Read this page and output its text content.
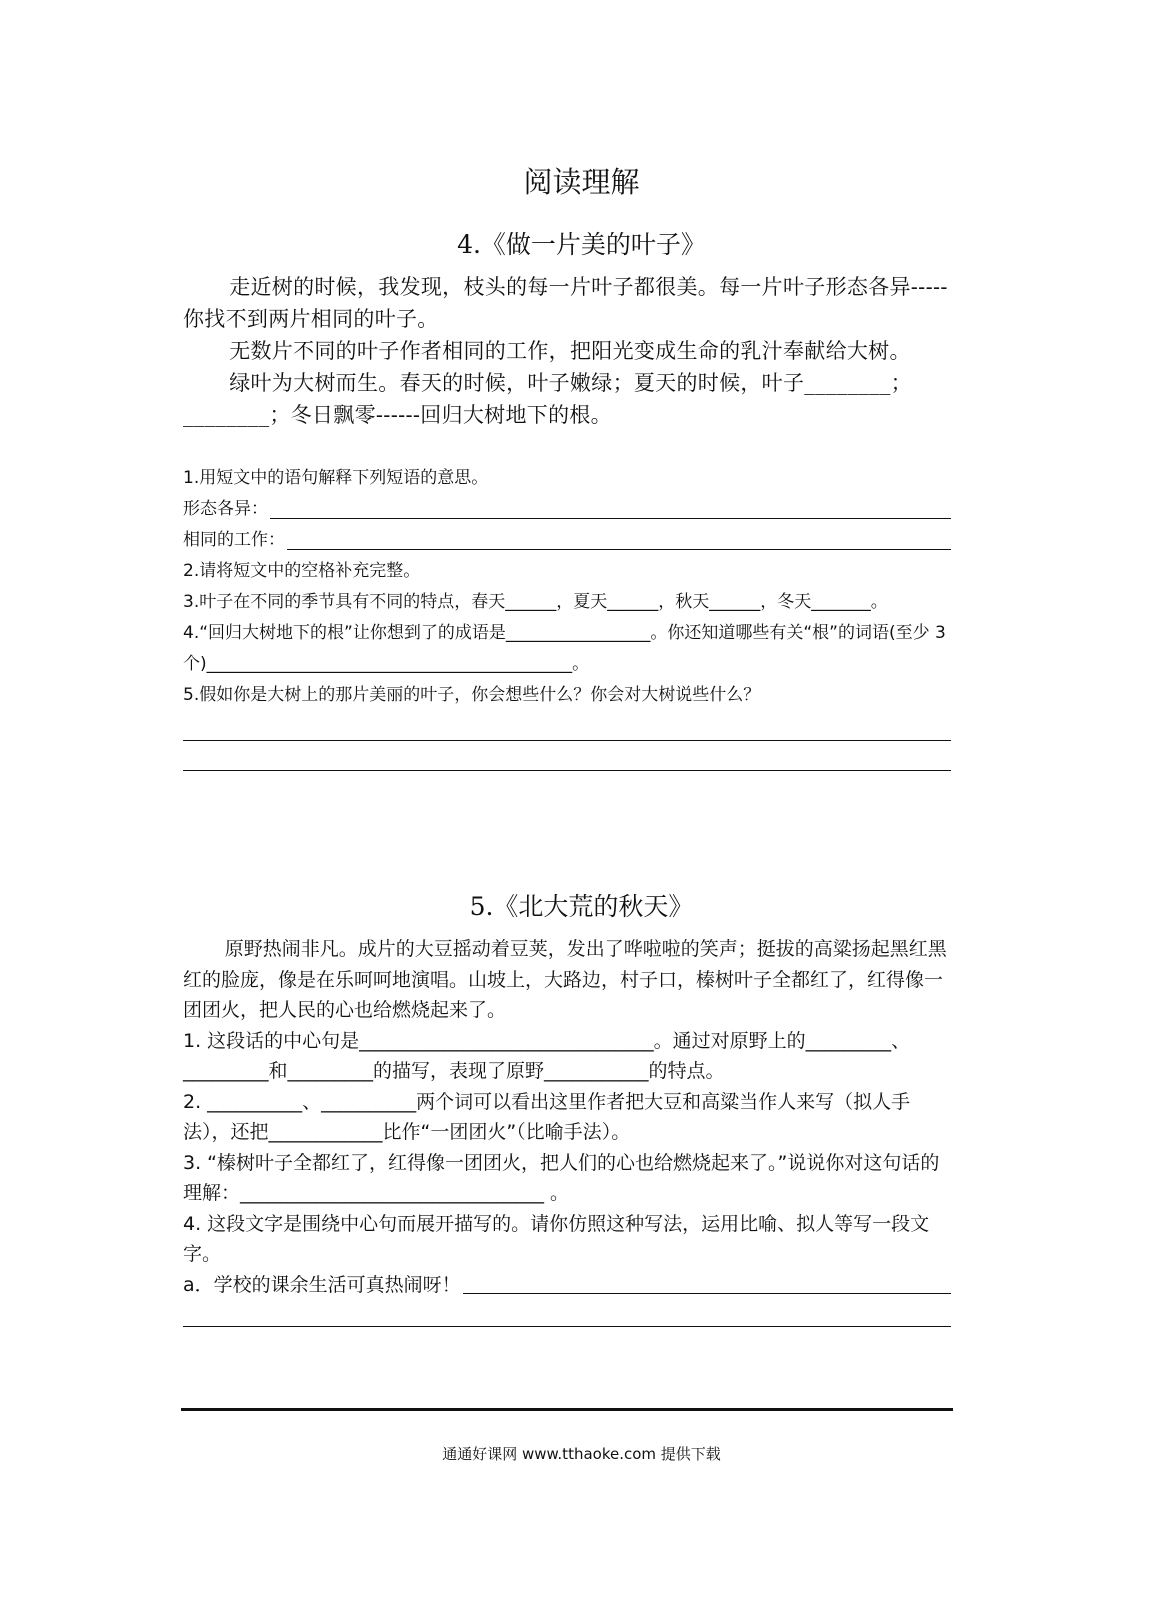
阅读理解
4.《做一片美的叶子》

走近树的时候，我发现，枝头的每一片叶子都很美。每一片叶子形态各异-----你找不到两片相同的叶子。

无数片不同的叶子作者相同的工作，把阳光变成生命的乳汁奉献给大树。

绿叶为大树而生。春天的时候，叶子嫩绿；夏天的时候，叶子________；________；冬日飘零------回归大树地下的根。

1.用短文中的语句解释下列短语的意思。

形态各异：
相同的工作：

2.请将短文中的空格补充完整。

3.叶子在不同的季节具有不同的特点，春天______，夏天______，秋天______，冬天_______。

4.“回归大树地下的根”让你想到了的成语是_________________。你还知道哪些有关“根”的词语(至少 3 个)___________________________________________。

5.假如你是大树上的那片美丽的叶子，你会想些什么？你会对大树说些什么？

5.《北大荒的秋天》

原野热闹非凡。成片的大豆摇动着豆荚，发出了哗啦啦的笑声；挺拔的高粱扬起黑红黑红的脸庞，像是在乐呵呵地演唱。山坡上，大路边，村子口，榛树叶子全都红了，红得像一团团火，把人民的心也给燃烧起来了。

1. 这段话的中心句是_______________________________。通过对原野上的_________、_________和_________的描写，表现了原野___________的特点。

2. __________、__________两个词可以看出这里作者把大豆和高粱当作人来写（拟人手法），还把____________比作“一团团火”（比喻手法）。

3. “榛树叶子全都红了，红得像一团团火，把人们的心也给燃烧起来了。”说说你对这句话的理解：________________________________ 。

4. 这段文字是围绕中心句而展开描写的。请你仿照这种写法，运用比喻、拟人等写一段文字。

a．学校的课余生活可真热闹呀！
通通好课网 www.tthaoke.com 提供下载
